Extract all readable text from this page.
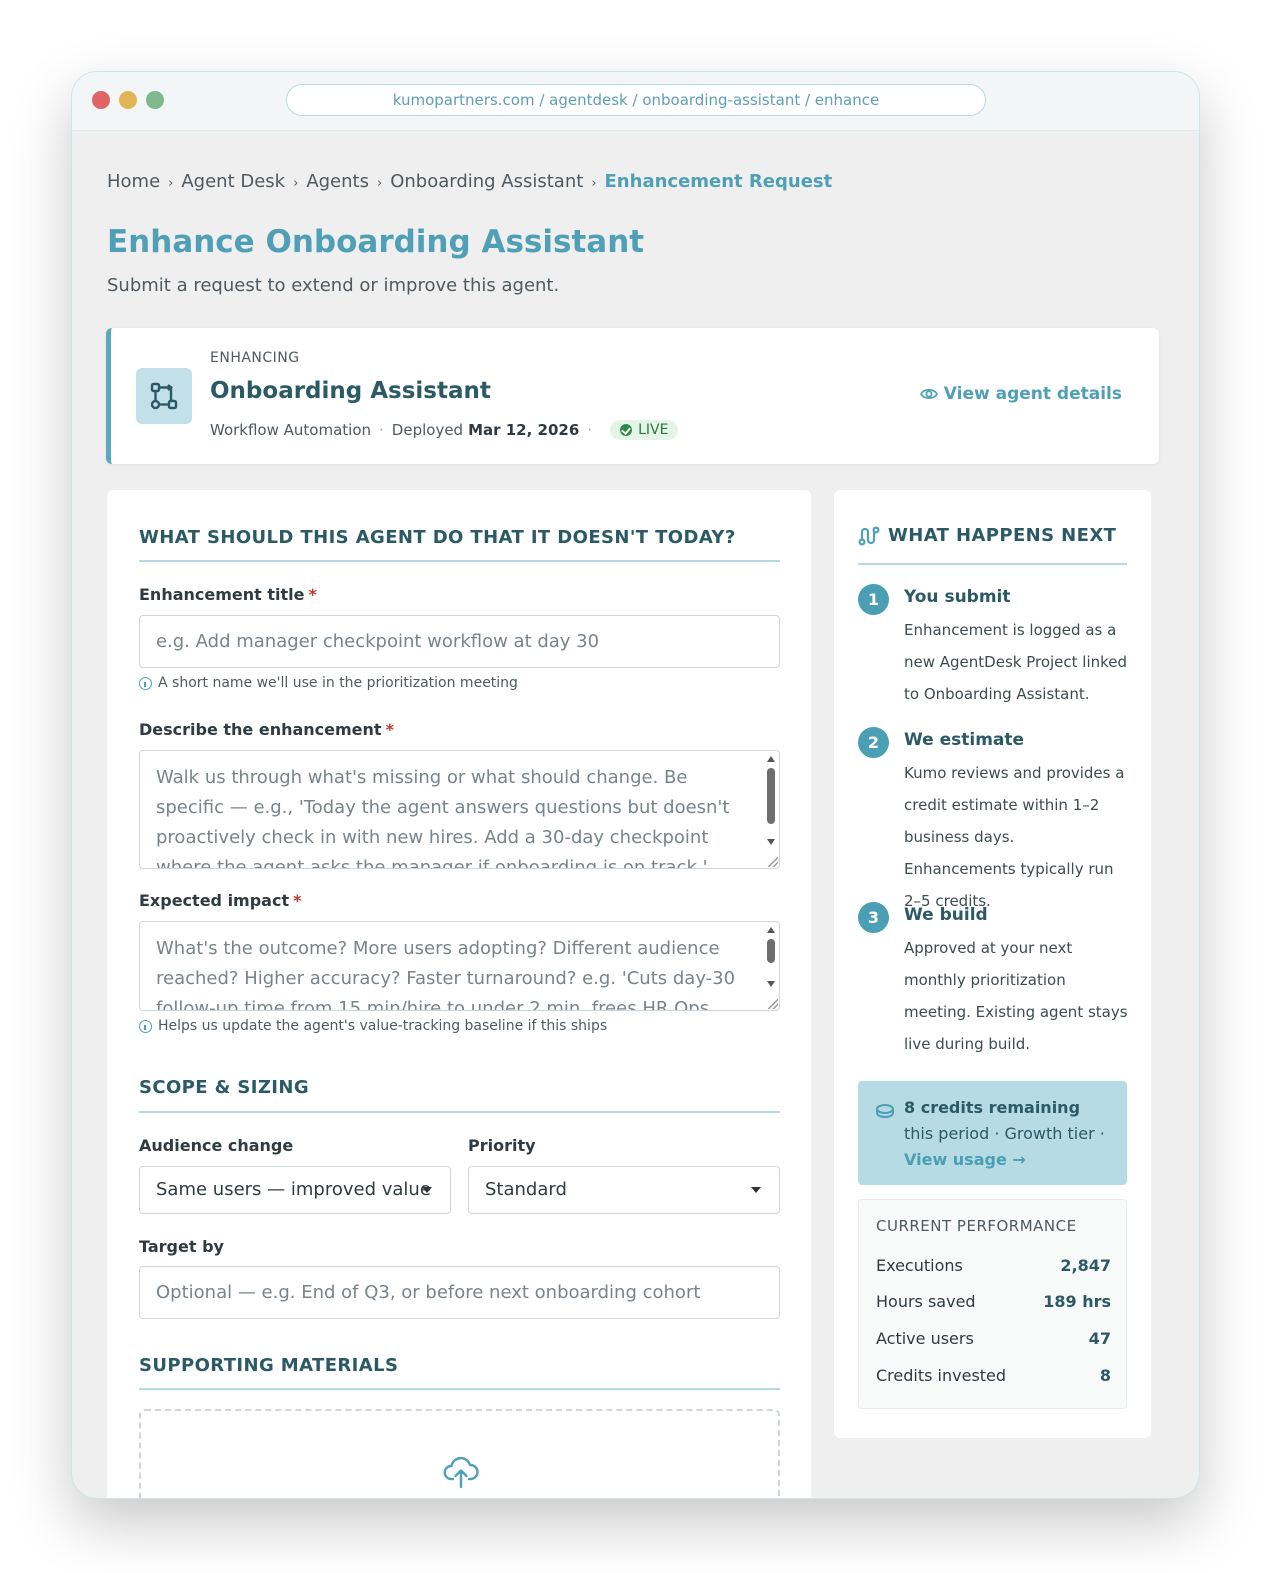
kumopartners.com / agentdesk / onboarding-assistant / enhance
Home › Agent Desk › Agents › Onboarding Assistant › Enhancement Request
Enhance Onboarding Assistant
Submit a request to extend or improve this agent.
ENHANCING
Onboarding Assistant
Workflow Automation · Deployed Mar 12, 2026 ·	LIVE
View agent details
WHAT SHOULD THIS AGENT DO THAT IT DOESN'T TODAY?
Enhancement title *
e.g. Add manager checkpoint workflow at day 30
A short name we'll use in the prioritization meeting
Describe the enhancement *
Walk us through what's missing or what should change. Be specific — e.g., 'Today the agent answers questions but doesn't proactively check in with new hires. Add a 30-day checkpoint where the agent asks the manager if onboarding is on track.'
Expected impact *
What's the outcome? More users adopting? Different audience reached? Higher accuracy? Faster turnaround? e.g. 'Cuts day-30 follow-up time from 15 min/hire to under 2 min, frees HR Ops
Helps us update the agent's value-tracking baseline if this ships
SCOPE & SIZING
Audience change
Same users — improved value
Priority
Standard
Target by
Optional — e.g. End of Q3, or before next onboarding cohort
SUPPORTING MATERIALS
WHAT HAPPENS NEXT
1	You submit
Enhancement is logged as a new AgentDesk Project linked to Onboarding Assistant.
2	We estimate
Kumo reviews and provides a credit estimate within 1–2 business days. Enhancements typically run 2–5 credits.
3	We build
Approved at your next monthly prioritization meeting. Existing agent stays live during build.
8 credits remaining this period · Growth tier · View usage →
CURRENT PERFORMANCE
Executions	2,847
Hours saved	189 hrs
Active users	47
Credits invested	8
